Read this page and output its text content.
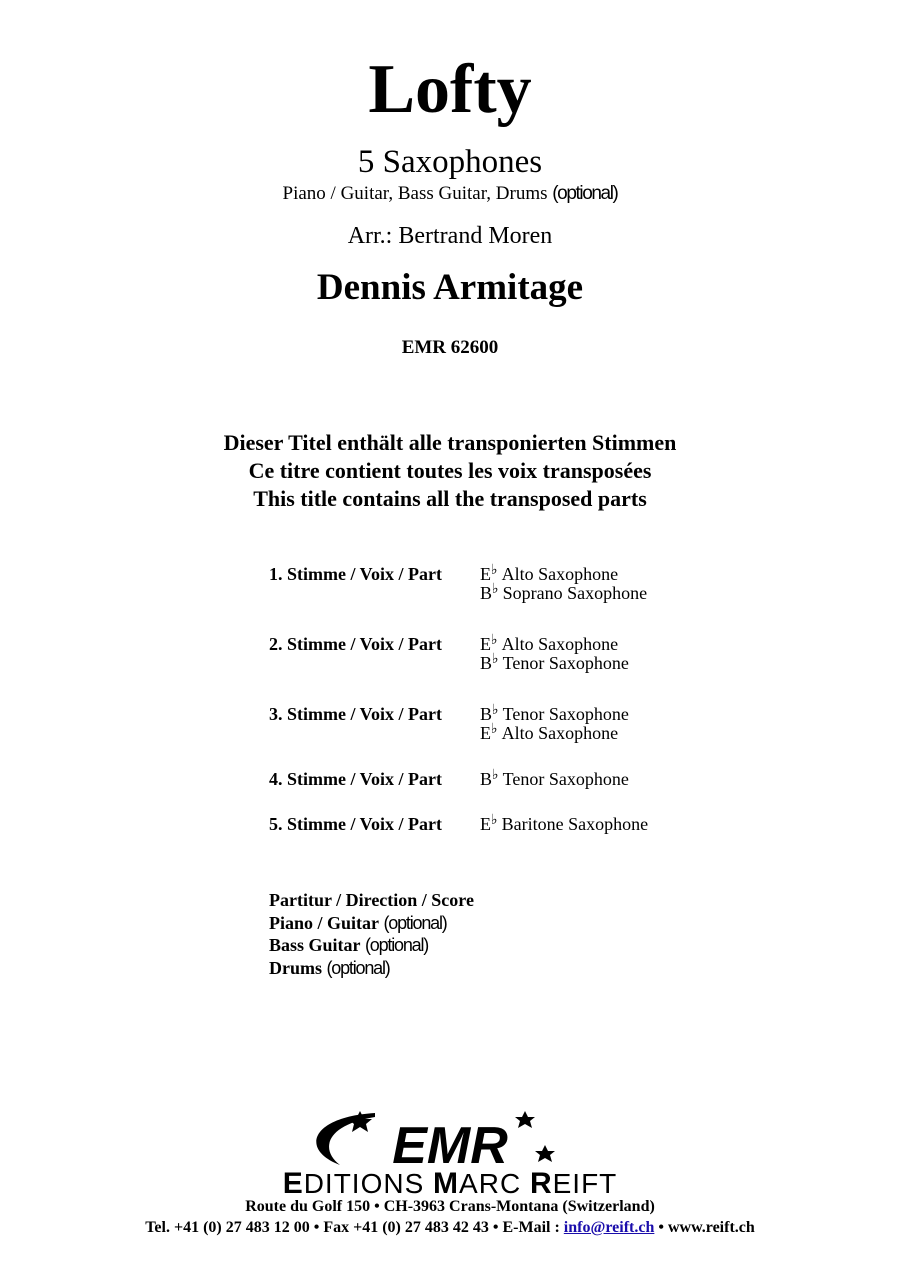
Lofty
5 Saxophones
Piano / Guitar, Bass Guitar, Drums (optional)
Arr.: Bertrand Moren
Dennis Armitage
EMR 62600
Dieser Titel enthält alle transponierten Stimmen
Ce titre contient toutes les voix transposées
This title contains all the transposed parts
1. Stimme / Voix / Part E♭ Alto Saxophone
B♭ Soprano Saxophone
2. Stimme / Voix / Part E♭ Alto Saxophone
B♭ Tenor Saxophone
3. Stimme / Voix / Part B♭ Tenor Saxophone
E♭ Alto Saxophone
4. Stimme / Voix / Part B♭ Tenor Saxophone
5. Stimme / Voix / Part E♭ Baritone Saxophone
Partitur / Direction / Score
Piano / Guitar (optional)
Bass Guitar (optional)
Drums (optional)
EMR
EDITIONS MARC REIFT
Route du Golf 150 • CH-3963 Crans-Montana (Switzerland)
Tel. +41 (0) 27 483 12 00 • Fax +41 (0) 27 483 42 43 • E-Mail : info@reift.ch • www.reift.ch
